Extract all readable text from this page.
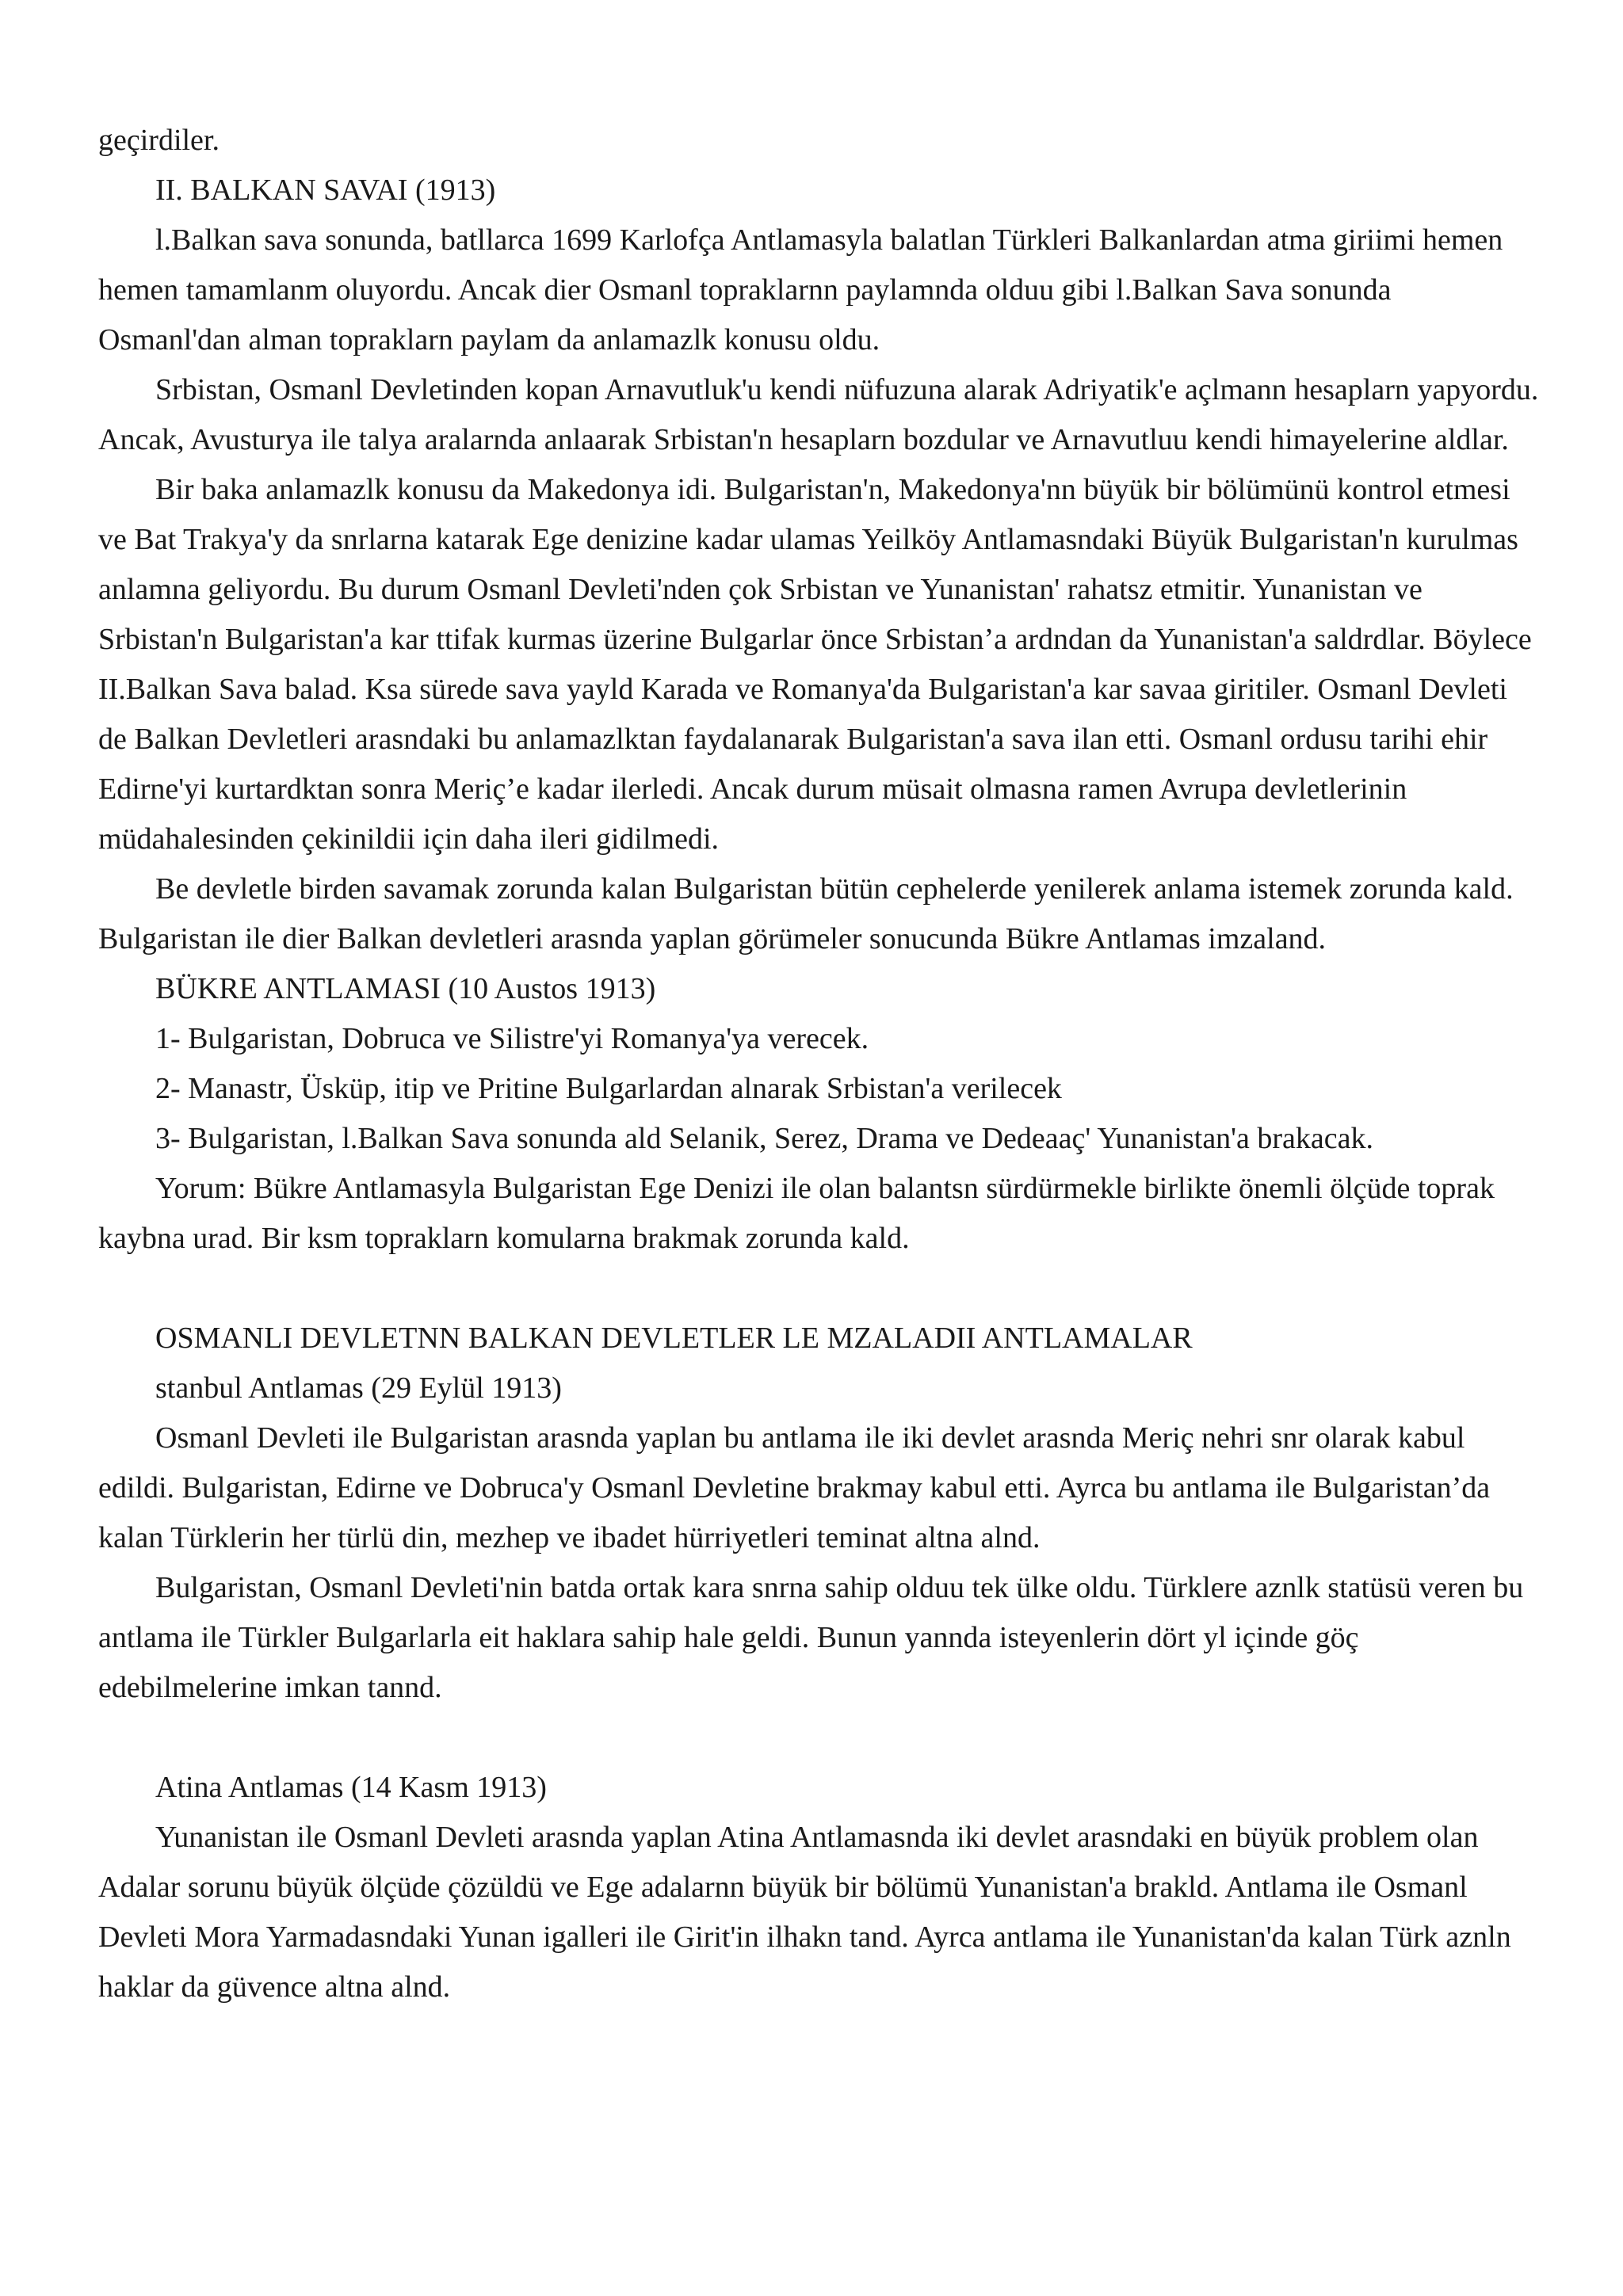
geçirdiler.

II. BALKAN SAVAI (1913)

l.Balkan sava sonunda, batllarca 1699 Karlofça Antlamasyla balatlan Türkleri Balkanlardan atma giriimi hemen hemen tamamlanm oluyordu. Ancak dier Osmanl topraklarnn paylamnda olduu gibi l.Balkan Sava sonunda Osmanl'dan alman topraklarn paylam da anlamazlk konusu oldu.

Srbistan, Osmanl Devletinden kopan Arnavutluk'u kendi nüfuzuna alarak Adriyatik'e açlmann hesaplarn yapyordu. Ancak, Avusturya ile talya aralarnda anlaarak Srbistan'n hesaplarn bozdular ve Arnavutluu kendi himayelerine aldlar.

Bir baka anlamazlk konusu da Makedonya idi. Bulgaristan'n, Makedonya'nn büyük bir bölümünü kontrol etmesi ve Bat Trakya'y da snrlarna katarak Ege denizine kadar ulamas Yeilköy Antlamasndaki Büyük Bulgaristan'n kurulmas anlamna geliyordu. Bu durum Osmanl Devleti'nden çok Srbistan ve Yunanistan' rahatsz etmitir. Yunanistan ve Srbistan'n Bulgaristan'a kar ttifak kurmas üzerine Bulgarlar önce Srbistan’a ardndan da Yunanistan'a saldrdlar. Böylece II.Balkan Sava balad. Ksa sürede sava yayld Karada ve Romanya'da Bulgaristan'a kar savaa giritiler. Osmanl Devleti de Balkan Devletleri arasndaki bu anlamazlktan faydalanarak Bulgaristan'a sava ilan etti. Osmanl ordusu tarihi ehir Edirne'yi kurtardktan sonra Meriç’e kadar ilerledi. Ancak durum müsait olmasna ramen Avrupa devletlerinin müdahalesinden çekinildii için daha ileri gidilmedi.

Be devletle birden savamak zorunda kalan Bulgaristan bütün cephelerde yenilerek anlama istemek zorunda kald. Bulgaristan ile dier Balkan devletleri arasnda yaplan görümeler sonucunda Bükre Antlamas imzaland.

BÜKRE ANTLAMASI (10 Austos 1913)

1- Bulgaristan, Dobruca ve Silistre'yi Romanya'ya verecek.

2- Manastr, Üsküp, itip ve Pritine Bulgarlardan alnarak Srbistan'a verilecek

3- Bulgaristan, l.Balkan Sava sonunda ald Selanik, Serez, Drama ve Dedeaaç' Yunanistan'a brakacak.

Yorum: Bükre Antlamasyla Bulgaristan Ege Denizi ile olan balantsn sürdürmekle birlikte önemli ölçüde toprak kaybna urad. Bir ksm topraklarn komularna brakmak zorunda kald.

OSMANLI DEVLETNN BALKAN DEVLETLER LE MZALADII ANTLAMALAR

stanbul Antlamas (29 Eylül 1913)

Osmanl Devleti ile Bulgaristan arasnda yaplan bu antlama ile iki devlet arasnda Meriç nehri snr olarak kabul edildi. Bulgaristan, Edirne ve Dobruca'y Osmanl Devletine brakmay kabul etti. Ayrca bu antlama ile Bulgaristan’da kalan Türklerin her türlü din, mezhep ve ibadet hürriyetleri teminat altna alnd.

Bulgaristan, Osmanl Devleti'nin batda ortak kara snrna sahip olduu tek ülke oldu. Türklere aznlk statüsü veren bu antlama ile Türkler Bulgarlarla eit haklara sahip hale geldi. Bunun yannda isteyenlerin dört yl içinde göç edebilmelerine imkan tannd.

Atina Antlamas (14 Kasm 1913)

Yunanistan ile Osmanl Devleti arasnda yaplan Atina Antlamasnda iki devlet arasndaki en büyük problem olan Adalar sorunu büyük ölçüde çözüldü ve Ege adalarnn büyük bir bölümü Yunanistan'a brakld. Antlama ile Osmanl Devleti Mora Yarmadasndaki Yunan igalleri ile Girit'in ilhakn tand. Ayrca antlama ile Yunanistan'da kalan Türk aznln haklar da güvence altna alnd.
